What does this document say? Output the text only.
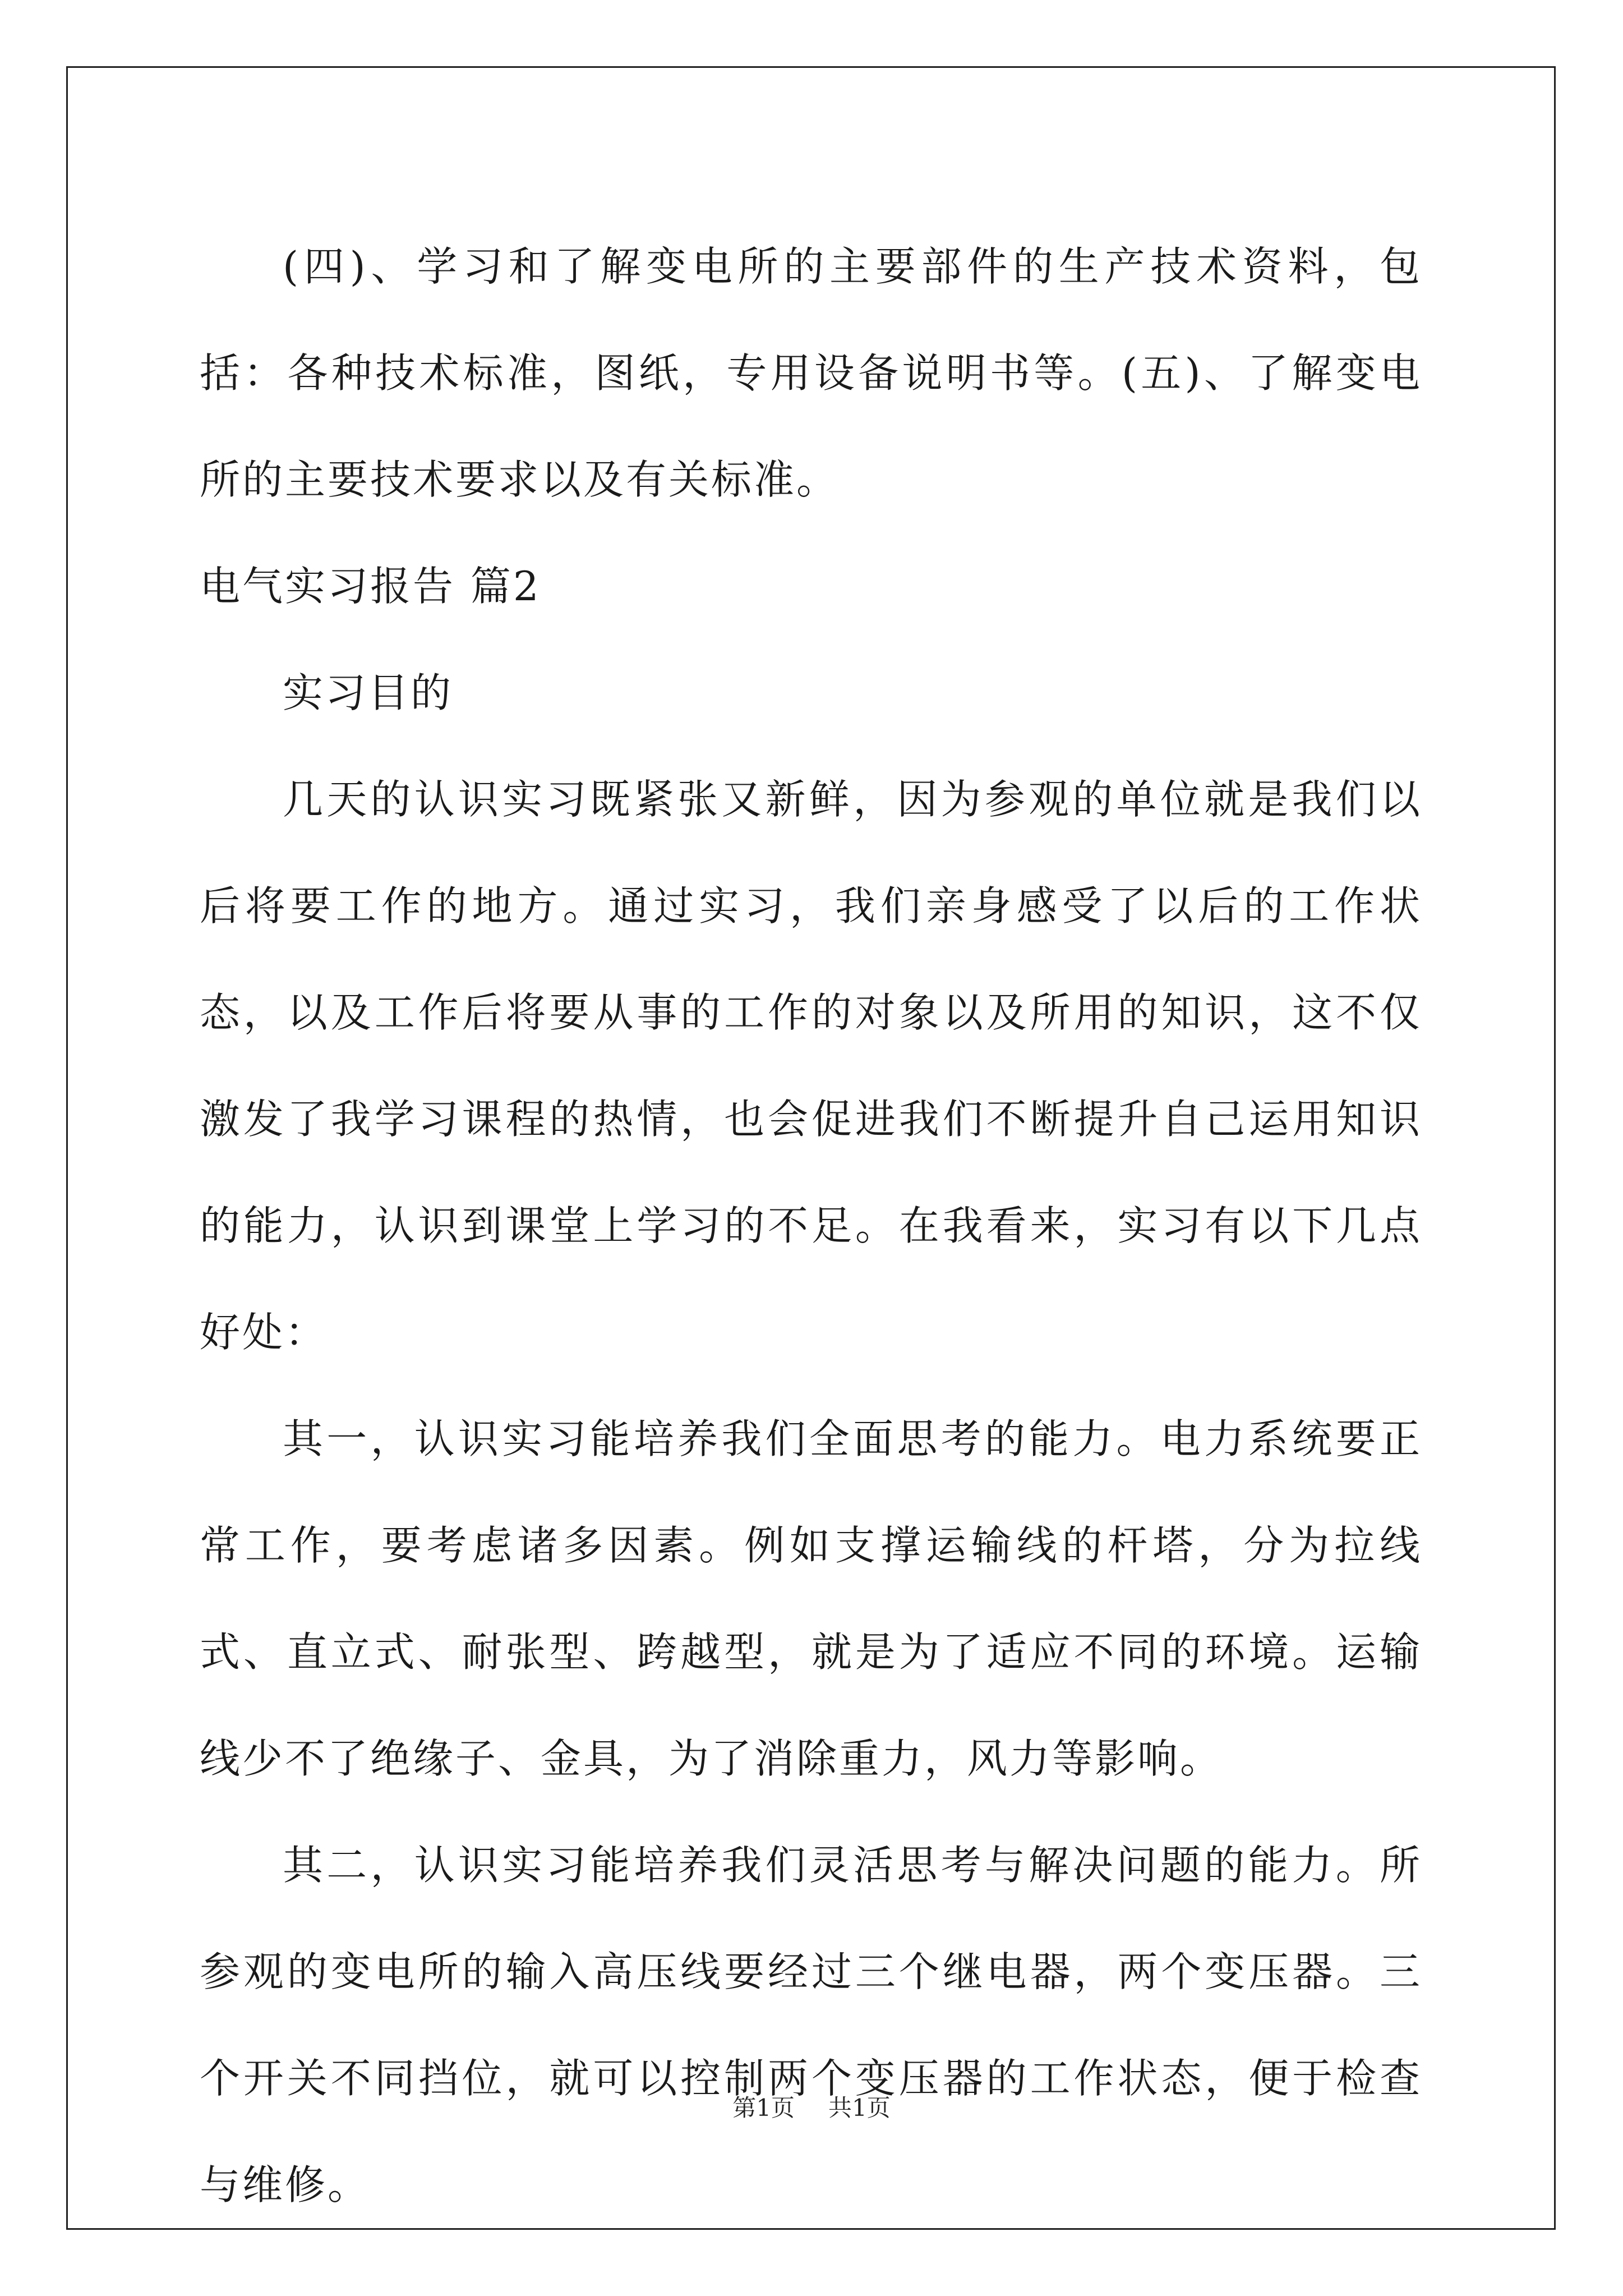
(四)、学习和了解变电所的主要部件的生产技术资料，包括：各种技术标准，图纸，专用设备说明书等。(五)、了解变电所的主要技术要求以及有关标准。

电气实习报告 篇2

实习目的

几天的认识实习既紧张又新鲜，因为参观的单位就是我们以后将要工作的地方。通过实习，我们亲身感受了以后的工作状态，以及工作后将要从事的工作的对象以及所用的知识，这不仅激发了我学习课程的热情，也会促进我们不断提升自己运用知识的能力，认识到课堂上学习的不足。在我看来，实习有以下几点好处：

其一，认识实习能培养我们全面思考的能力。电力系统要正常工作，要考虑诸多因素。例如支撑运输线的杆塔，分为拉线式、直立式、耐张型、跨越型，就是为了适应不同的环境。运输线少不了绝缘子、金具，为了消除重力，风力等影响。

其二，认识实习能培养我们灵活思考与解决问题的能力。所参观的变电所的输入高压线要经过三个继电器，两个变压器。三个开关不同挡位，就可以控制两个变压器的工作状态，便于检查与维修。

第1页 共1页
